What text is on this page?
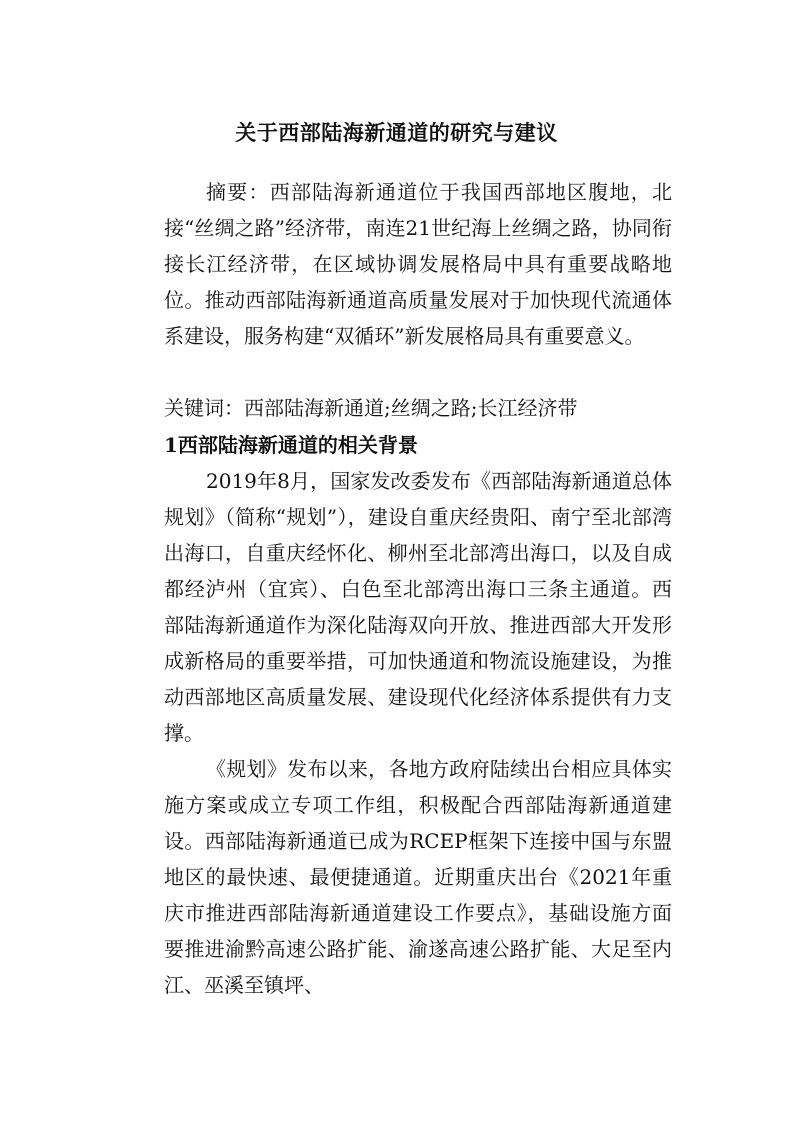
关于西部陆海新通道的研究与建议

摘要：西部陆海新通道位于我国西部地区腹地，北接“丝绸之路”经济带，南连21世纪海上丝绸之路，协同衔接长江经济带，在区域协调发展格局中具有重要战略地位。推动西部陆海新通道高质量发展对于加快现代流通体系建设，服务构建“双循环”新发展格局具有重要意义。

关键词：西部陆海新通道;丝绸之路;长江经济带

1西部陆海新通道的相关背景

2019年8月，国家发改委发布《西部陆海新通道总体规划》（简称“规划”），建设自重庆经贵阳、南宁至北部湾出海口，自重庆经怀化、柳州至北部湾出海口，以及自成都经泸州（宜宾）、白色至北部湾出海口三条主通道。西部陆海新通道作为深化陆海双向开放、推进西部大开发形成新格局的重要举措，可加快通道和物流设施建设，为推动西部地区高质量发展、建设现代化经济体系提供有力支撑。

《规划》发布以来，各地方政府陆续出台相应具体实施方案或成立专项工作组，积极配合西部陆海新通道建设。西部陆海新通道已成为RCEP框架下连接中国与东盟地区的最快速、最便捷通道。近期重庆出台《2021年重庆市推进西部陆海新通道建设工作要点》，基础设施方面要推进渝黔高速公路扩能、渝遂高速公路扩能、大足至内江、巫溪至镇坪、
